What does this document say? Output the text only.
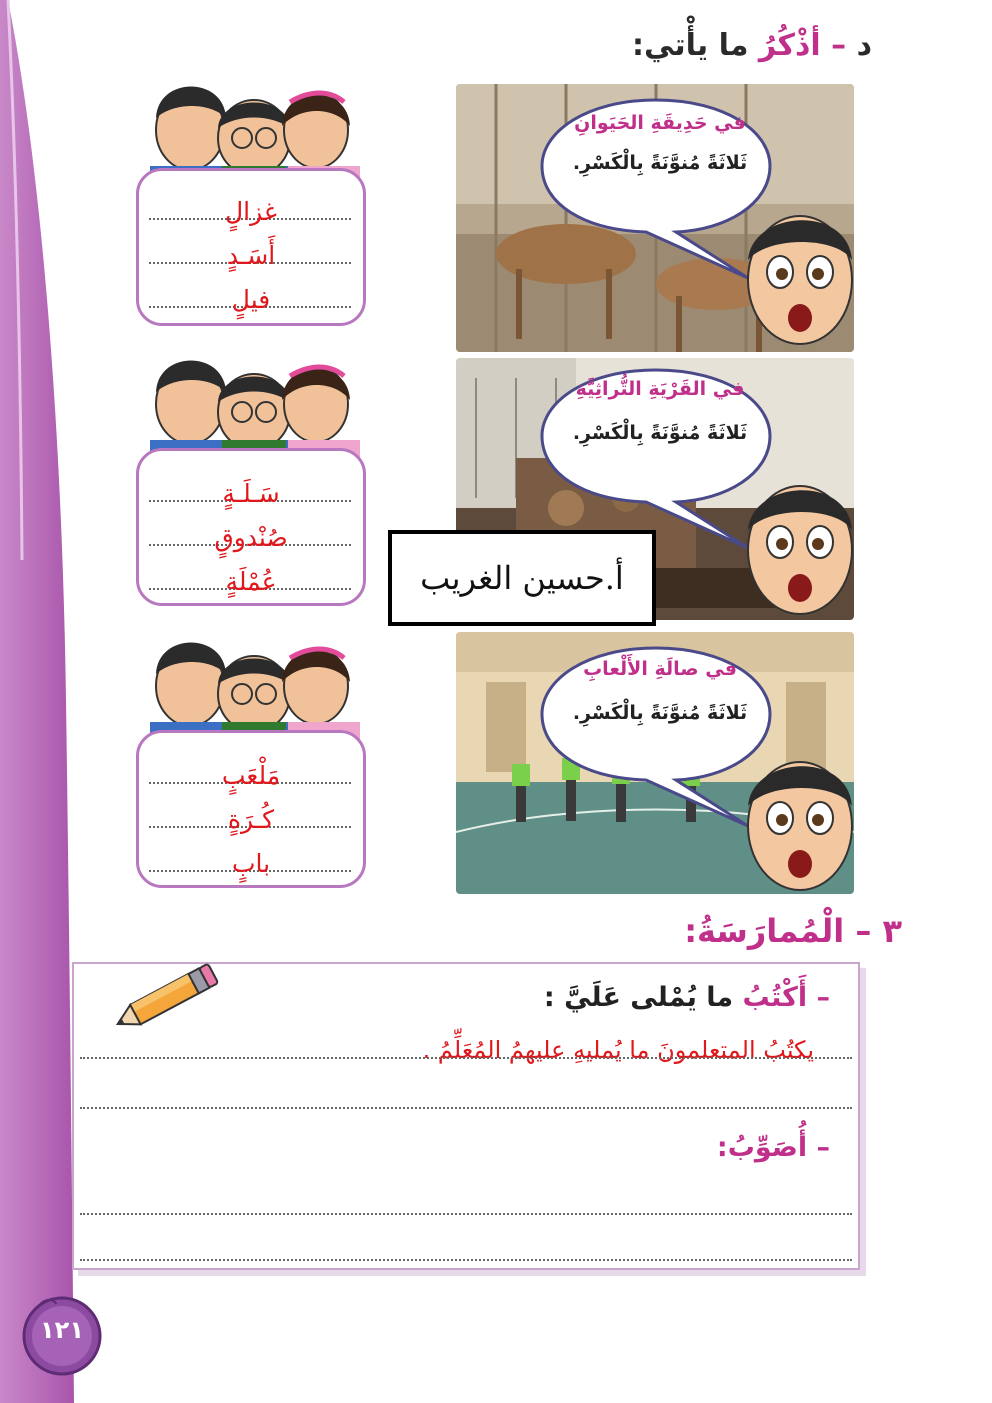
د – أذْكُرُ ما يأْتي:
في حَدِيقَةِ الحَيَوانِ
ثَلاثَةً مُنوَّنَةً بِالْكَسْرِ.
غزالٍ
أَسَـدٍ
فيلٍ
في القَرْيَةِ التُّراثِيَّةِ
ثَلاثَةً مُنوَّنَةً بِالْكَسْرِ.
سَـلَـةٍ
صُنْدوقٍ
عُمْلَةٍ	أ.حسين الغريب
في صالَةِ الأَلْعابِ
ثَلاثَةً مُنوَّنَةً بِالْكَسْرِ.
مَلْعَبٍ
كُـرَةٍ
بابٍ
٣ – الْمُمارَسَةُ:
– أَكْتُبُ ما يُمْلى عَلَيَّ :
يكتُبُ المتعلمونَ ما يُمليهِ عليهمُ المُعَلِّمُ .
– أُصَوِّبُ:
١٢١
